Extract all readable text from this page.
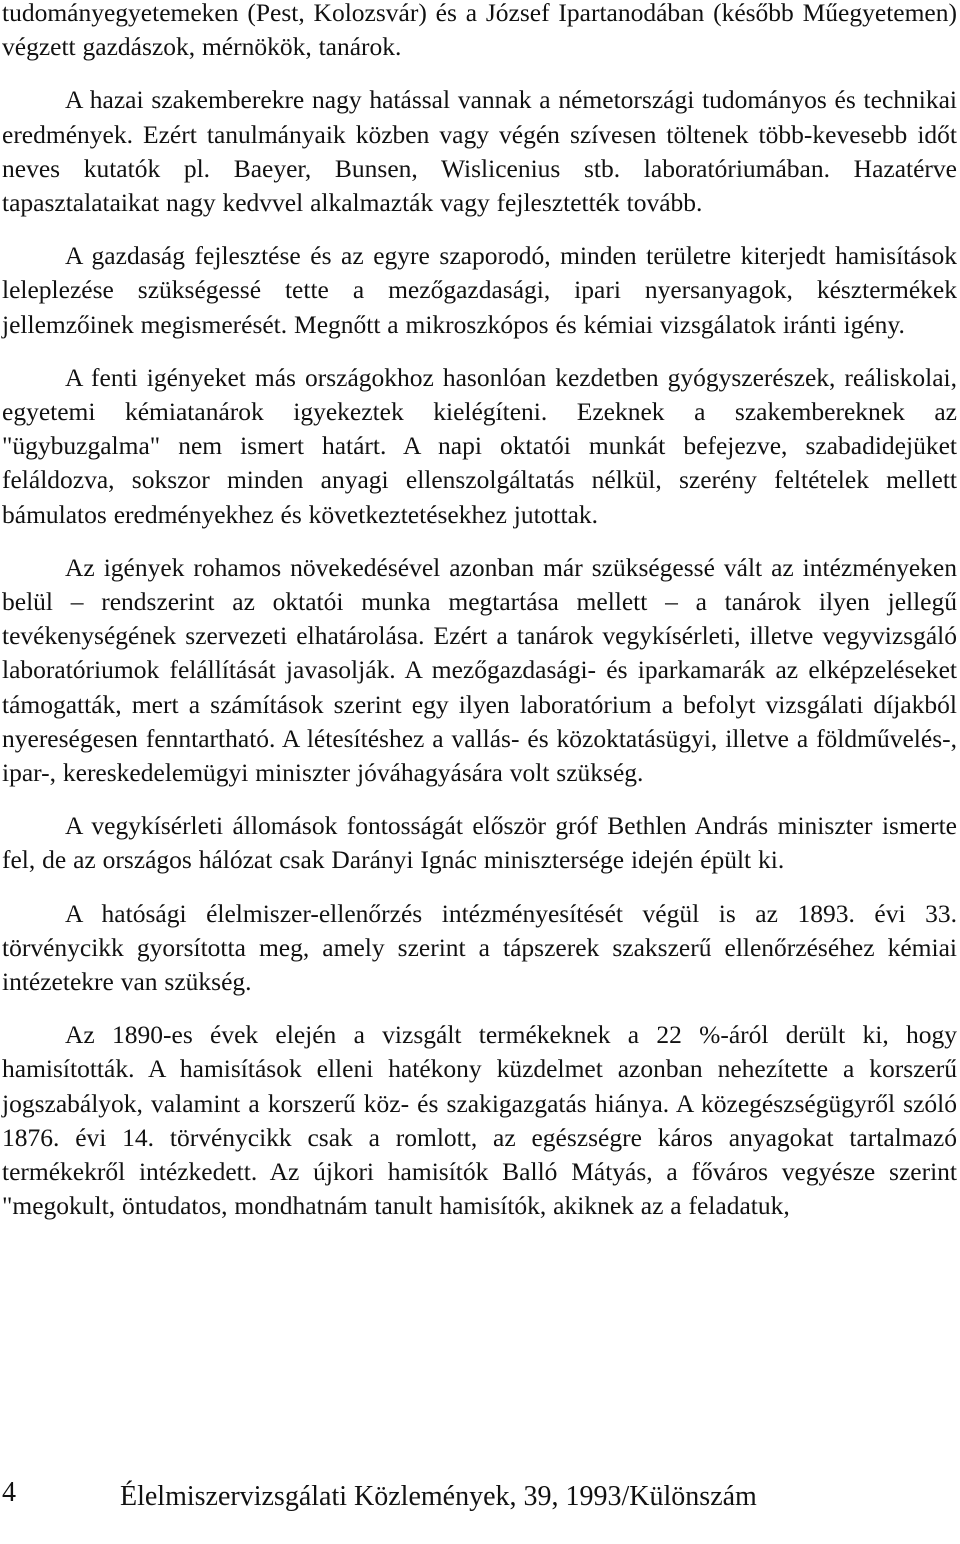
tudományegyetemeken (Pest, Kolozsvár) és a József Ipartanodában (később Műegyetemen) végzett gazdászok, mérnökök, tanárok.

A hazai szakemberekre nagy hatással vannak a németországi tudományos és technikai eredmények. Ezért tanulmányaik közben vagy végén szívesen töltenek több-kevesebb időt neves kutatók pl. Baeyer, Bunsen, Wislicenius stb. laboratóriumában. Hazatérve tapasztalataikat nagy kedvvel alkalmazták vagy fejlesztették tovább.

A gazdaság fejlesztése és az egyre szaporodó, minden területre kiterjedt hamisítások leleplezése szükségessé tette a mezőgazdasági, ipari nyersanyagok, késztermékek jellemzőinek megismerését. Megnőtt a mikroszkópos és kémiai vizsgálatok iránti igény.

A fenti igényeket más országokhoz hasonlóan kezdetben gyógyszerészek, reáliskolai, egyetemi kémiatanárok igyekeztek kielégíteni. Ezeknek a szakembereknek az "ügybuzgalma" nem ismert határt. A napi oktatói munkát befejezve, szabadidejüket feláldozva, sokszor minden anyagi ellenszolgáltatás nélkül, szerény feltételek mellett bámulatos eredményekhez és következtetésekhez jutottak.

Az igények rohamos növekedésével azonban már szükségessé vált az intézményeken belül – rendszerint az oktatói munka megtartása mellett – a tanárok ilyen jellegű tevékenységének szervezeti elhatárolása. Ezért a tanárok vegykísérleti, illetve vegyvizsgáló laboratóriumok felállítását javasolják. A mezőgazdasági- és iparkamarák az elképzeléseket támogatták, mert a számítások szerint egy ilyen laboratórium a befolyt vizsgálati díjakból nyereségesen fenntartható. A létesítéshez a vallás- és közoktatásügyi, illetve a földművelés-, ipar-, kereskedelemügyi miniszter jóváhagyására volt szükség.

A vegykísérleti állomások fontosságát először gróf Bethlen András miniszter ismerte fel, de az országos hálózat csak Darányi Ignác minisztersége idején épült ki.

A hatósági élelmiszer-ellenőrzés intézményesítését végül is az 1893. évi 33. törvénycikk gyorsította meg, amely szerint a tápszerek szakszerű ellenőrzéséhez kémiai intézetekre van szükség.

Az 1890-es évek elején a vizsgált termékeknek a 22 %-áról derült ki, hogy hamisították. A hamisítások elleni hatékony küzdelmet azonban nehezítette a korszerű jogszabályok, valamint a korszerű köz- és szakigazgatás hiánya. A közegészségügyről szóló 1876. évi 14. törvénycikk csak a romlott, az egészségre káros anyagokat tartalmazó termékekről intézkedett. Az újkori hamisítók Balló Mátyás, a főváros vegyésze szerint "megokult, öntudatos, mondhatnám tanult hamisítók, akiknek az a feladatuk,

4	Élelmiszervizsgálati Közlemények, 39, 1993/Különszám
